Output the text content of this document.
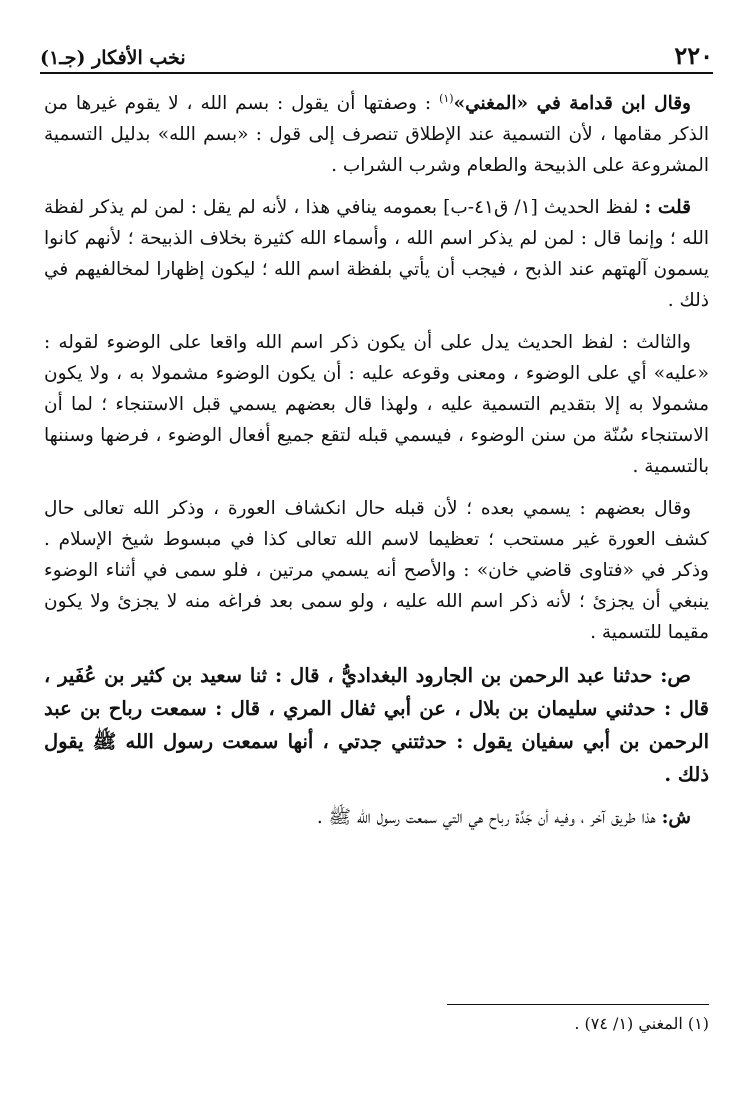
٢٢٠
نخب الأفكار (جـ١)

وقال ابن قدامة في «المغني»$^{(١)}$ : وصفتها أن يقول : بسم الله ، لا يقوم غيرها من الذكر مقامها ، لأن التسمية عند الإطلاق تنصرف إلى قول : «بسم الله» بدليل التسمية المشروعة على الذبيحة والطعام وشرب الشراب .

قلت : لفظ الحديث [١/ ق٤١-ب] بعمومه ينافي هذا ، لأنه لم يقل : لمن لم يذكر لفظة الله ؛ وإنما قال : لمن لم يذكر اسم الله ، وأسماء الله كثيرة بخلاف الذبيحة ؛ لأنهم كانوا يسمون آلهتهم عند الذبح ، فيجب أن يأتي بلفظة اسم الله ؛ ليكون إظهارا لمخالفيهم في ذلك .

والثالث : لفظ الحديث يدل على أن يكون ذكر اسم الله واقعا على الوضوء لقوله : «عليه» أي على الوضوء ، ومعنى وقوعه عليه : أن يكون الوضوء مشمولا به ، ولا يكون مشمولا به إلا بتقديم التسمية عليه ، ولهذا قال بعضهم يسمي قبل الاستنجاء ؛ لما أن الاستنجاء سُنّة من سنن الوضوء ، فيسمي قبله لتقع جميع أفعال الوضوء ، فرضها وسننها بالتسمية .

وقال بعضهم : يسمي بعده ؛ لأن قبله حال انكشاف العورة ، وذكر الله تعالى حال كشف العورة غير مستحب ؛ تعظيما لاسم الله تعالى كذا في مبسوط شيخ الإسلام . وذكر في «فتاوى قاضي خان» : والأصح أنه يسمي مرتين ، فلو سمى في أثناء الوضوء ينبغي أن يجزئ ؛ لأنه ذكر اسم الله عليه ، ولو سمى بعد فراغه منه لا يجزئ ولا يكون مقيما للتسمية .

ص: حدثنا عبد الرحمن بن الجارود البغداديُّ ، قال : ثنا سعيد بن كثير بن عُفَير ، قال : حدثني سليمان بن بلال ، عن أبي ثفال المري ، قال : سمعت رباح بن عبد الرحمن بن أبي سفيان يقول : حدثتني جدتي ، أنها سمعت رسول الله ﷺ يقول ذلك .

ش: هذا طريق آخر ، وفيه أن جَدَّة رباح هي التي سمعت رسول الله ﷺ .

(١) المغني (١/ ٧٤) .
